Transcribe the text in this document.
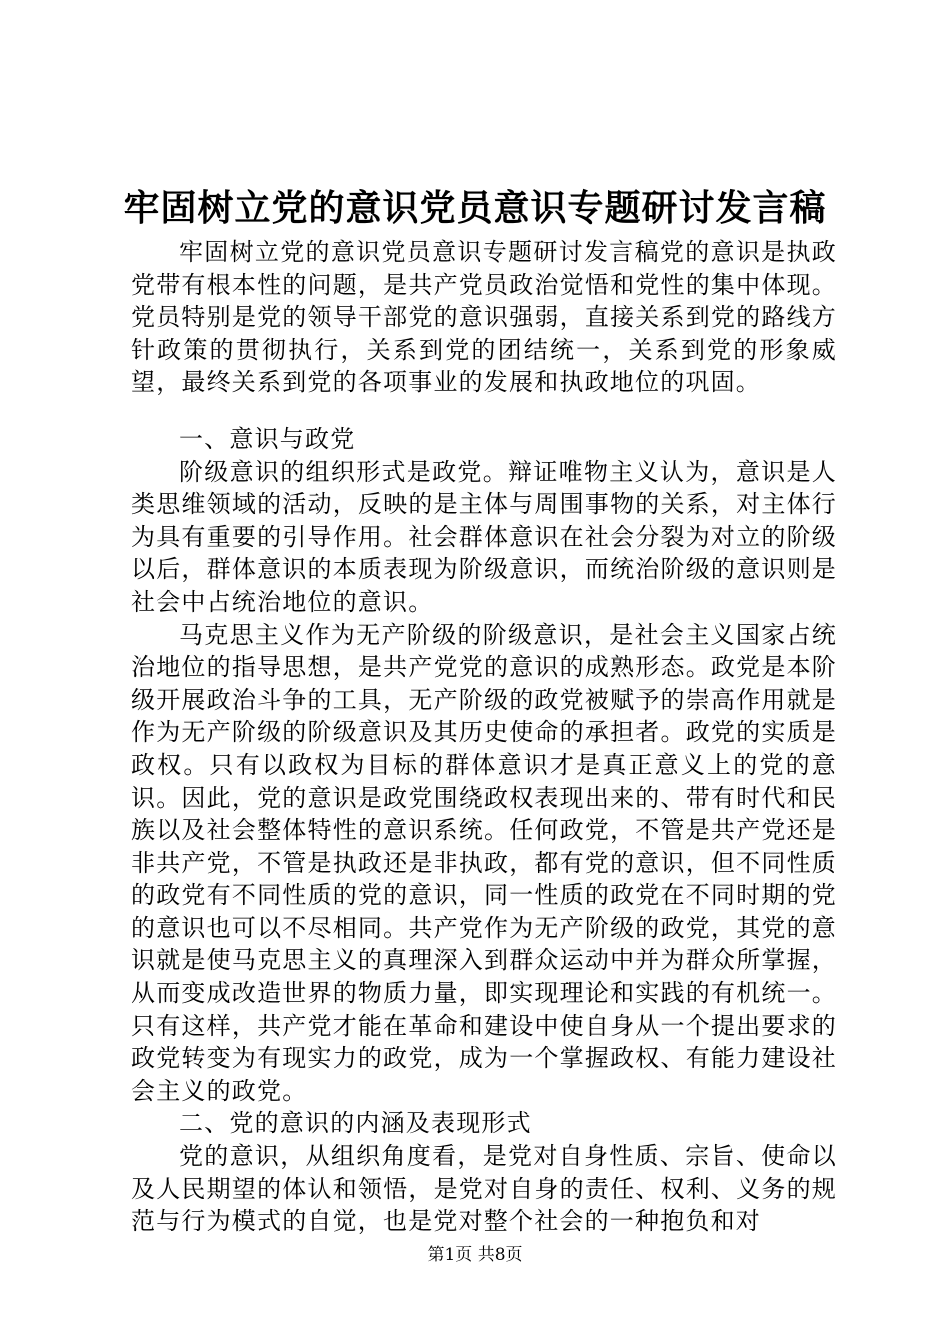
牢固树立党的意识党员意识专题研讨发言稿

牢固树立党的意识党员意识专题研讨发言稿党的意识是执政党带有根本性的问题，是共产党员政治觉悟和党性的集中体现。党员特别是党的领导干部党的意识强弱，直接关系到党的路线方针政策的贯彻执行，关系到党的团结统一，关系到党的形象威望，最终关系到党的各项事业的发展和执政地位的巩固。

一、意识与政党

阶级意识的组织形式是政党。辩证唯物主义认为，意识是人类思维领域的活动，反映的是主体与周围事物的关系，对主体行为具有重要的引导作用。社会群体意识在社会分裂为对立的阶级以后，群体意识的本质表现为阶级意识，而统治阶级的意识则是社会中占统治地位的意识。

马克思主义作为无产阶级的阶级意识，是社会主义国家占统治地位的指导思想，是共产党党的意识的成熟形态。政党是本阶级开展政治斗争的工具，无产阶级的政党被赋予的崇高作用就是作为无产阶级的阶级意识及其历史使命的承担者。政党的实质是政权。只有以政权为目标的群体意识才是真正意义上的党的意识。因此，党的意识是政党围绕政权表现出来的、带有时代和民族以及社会整体特性的意识系统。任何政党，不管是共产党还是非共产党，不管是执政还是非执政，都有党的意识，但不同性质的政党有不同性质的党的意识，同一性质的政党在不同时期的党的意识也可以不尽相同。共产党作为无产阶级的政党，其党的意识就是使马克思主义的真理深入到群众运动中并为群众所掌握，从而变成改造世界的物质力量，即实现理论和实践的有机统一。只有这样，共产党才能在革命和建设中使自身从一个提出要求的政党转变为有现实力的政党，成为一个掌握政权、有能力建设社会主义的政党。

二、党的意识的内涵及表现形式

党的意识，从组织角度看，是党对自身性质、宗旨、使命以及人民期望的体认和领悟，是党对自身的责任、权利、义务的规范与行为模式的自觉，也是党对整个社会的一种抱负和对

第1页 共8页
